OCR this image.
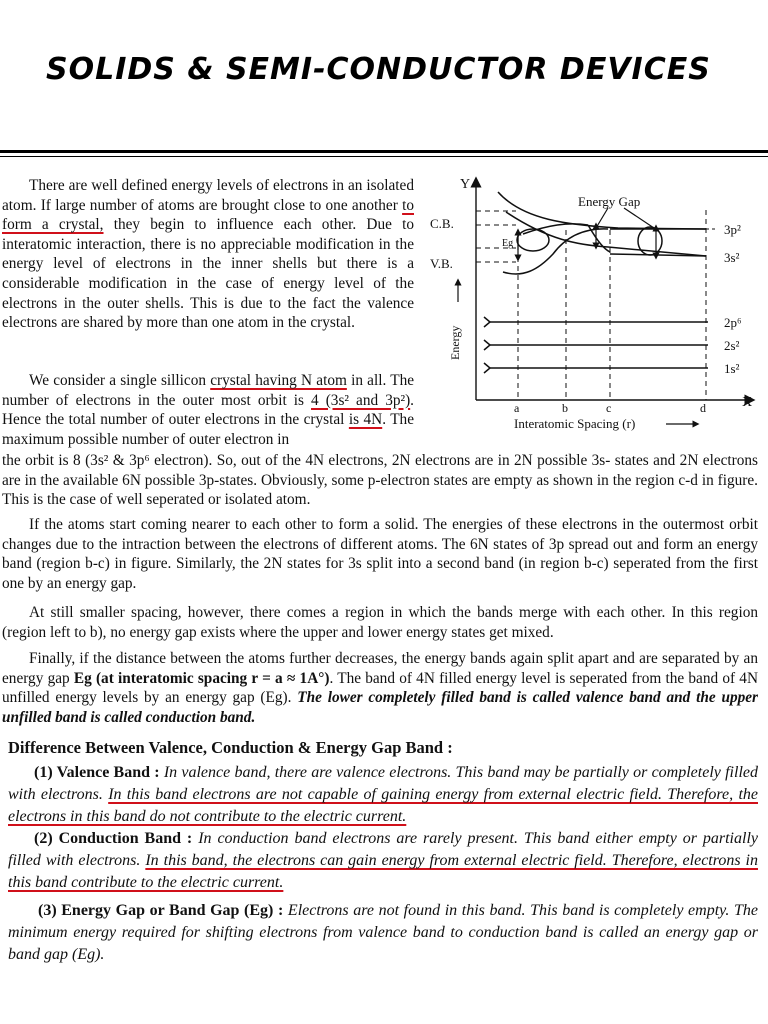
SOLIDS & SEMI-CONDUCTOR DEVICES
There are well defined energy levels of electrons in an isolated atom. If large number of atoms are brought close to one another to form a crystal, they begin to influence each other. Due to interatomic interaction, there is no appreciable modification in the energy level of electrons in the inner shells but there is a considerable modification in the case of energy level of the electrons in the outer shells. This is due to the fact the valence electrons are shared by more than one atom in the crystal.
We consider a single sillicon crystal having N atom in all. The number of electrons in the outer most orbit is 4 (3s² and 3p²). Hence the total number of outer electrons in the crystal is 4N. The maximum possible number of outer electron in
Y
X
Energy
Energy Gap
C.B.
V.B.
Eg
3p²
3s²
2p⁶
2s²
1s²
a	b	c	d
Interatomic Spacing (r)
the orbit is 8 (3s² & 3p⁶ electron). So, out of the 4N electrons, 2N electrons are in 2N possible 3s- states and 2N electrons are in the available 6N possible 3p-states. Obviously, some p-electron states are empty as shown in the region c-d in figure. This is the case of well seperated or isolated atom.
If the atoms start coming nearer to each other to form a solid. The energies of these electrons in the outermost orbit changes due to the intraction between the electrons of different atoms. The 6N states of 3p spread out and form an energy band (region b-c) in figure. Similarly, the 2N states for 3s split into a second band (in region b-c) seperated from the first one by an energy gap.
At still smaller spacing, however, there comes a region in which the bands merge with each other. In this region (region left to b), no energy gap exists where the upper and lower energy states get mixed.
Finally, if the distance between the atoms further decreases, the energy bands again split apart and are separated by an energy gap Eg (at interatomic spacing r = a ≈ 1A°). The band of 4N filled energy level is seperated from the band of 4N unfilled energy levels by an energy gap (Eg). The lower completely filled band is called valence band and the upper unfilled band is called conduction band.
Difference Between Valence, Conduction & Energy Gap Band :
(1) Valence Band : In valence band, there are valence electrons. This band may be partially or completely filled with electrons. In this band electrons are not capable of gaining energy from external electric field. Therefore, the electrons in this band do not contribute to the electric current.
(2) Conduction Band : In conduction band electrons are rarely present. This band either empty or partially filled with electrons. In this band, the electrons can gain energy from external electric field. Therefore, electrons in this band contribute to the electric current.
(3) Energy Gap or Band Gap (Eg) : Electrons are not found in this band. This band is completely empty. The minimum energy required for shifting electrons from valence band to conduction band is called an energy gap or band gap (Eg).
